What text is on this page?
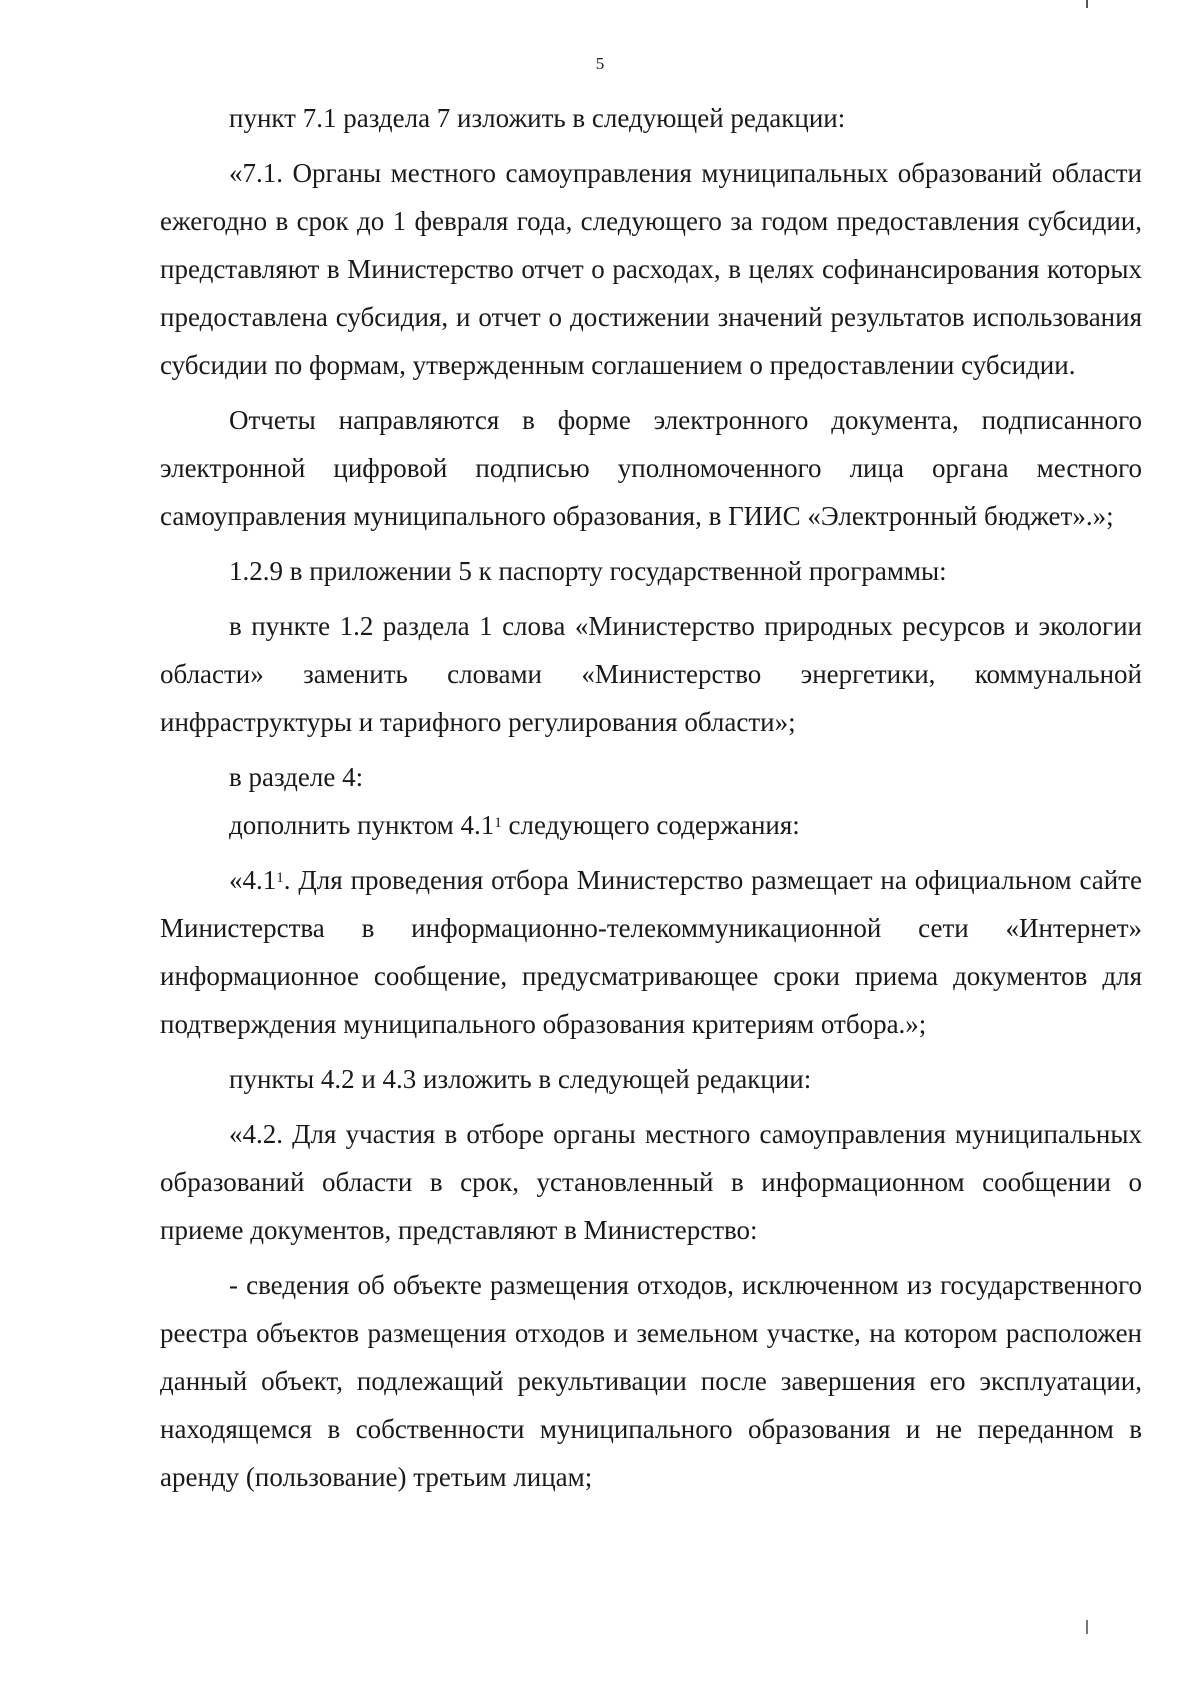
5

пункт 7.1 раздела 7 изложить в следующей редакции:

«7.1. Органы местного самоуправления муниципальных образований области ежегодно в срок до 1 февраля года, следующего за годом предоставления субсидии, представляют в Министерство отчет о расходах, в целях софинансирования которых предоставлена субсидия, и отчет о достижении значений результатов использования субсидии по формам, утвержденным соглашением о предоставлении субсидии.

Отчеты направляются в форме электронного документа, подписанного электронной цифровой подписью уполномоченного лица органа местного самоуправления муниципального образования, в ГИИС «Электронный бюджет».»;

1.2.9 в приложении 5 к паспорту государственной программы:

в пункте 1.2 раздела 1 слова «Министерство природных ресурсов и экологии области» заменить словами «Министерство энергетики, коммунальной инфраструктуры и тарифного регулирования области»;

в разделе 4:

дополнить пунктом $4.1^1$ следующего содержания:

«$4.1^1$. Для проведения отбора Министерство размещает на официальном сайте Министерства в информационно-телекоммуникационной сети «Интернет» информационное сообщение, предусматривающее сроки приема документов для подтверждения муниципального образования критериям отбора.»;

пункты 4.2 и 4.3 изложить в следующей редакции:

«4.2. Для участия в отборе органы местного самоуправления муниципальных образований области в срок, установленный в информационном сообщении о приеме документов, представляют в Министерство:

- сведения об объекте размещения отходов, исключенном из государственного реестра объектов размещения отходов и земельном участке, на котором расположен данный объект, подлежащий рекультивации после завершения его эксплуатации, находящемся в собственности муниципального образования и не переданном в аренду (пользование) третьим лицам;
